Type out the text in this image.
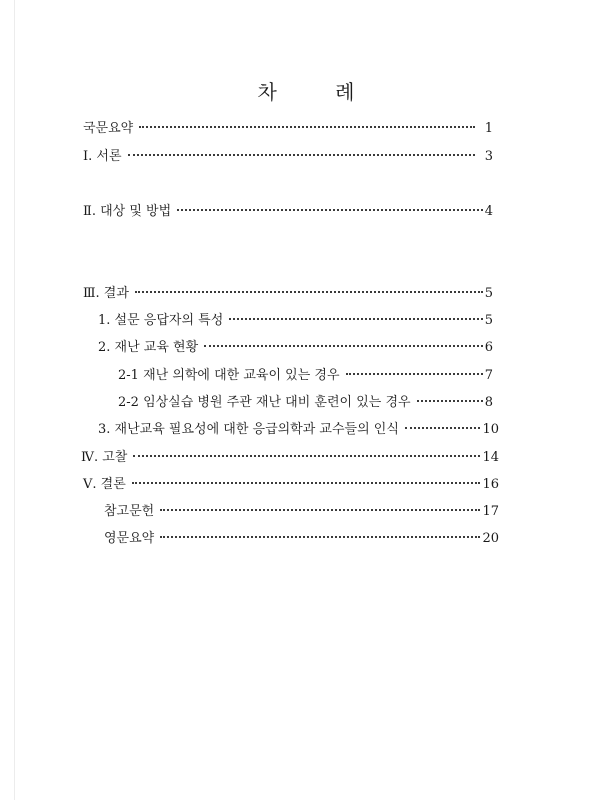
차 례
국문요약	1
Ⅰ. 서론	3
Ⅱ. 대상 및 방법	4
Ⅲ. 결과	5
1. 설문 응답자의 특성	5
2. 재난 교육 현황	6
2-1 재난 의학에 대한 교육이 있는 경우	7
2-2 임상실습 병원 주관 재난 대비 훈련이 있는 경우	8
3. 재난교육 필요성에 대한 응급의학과 교수들의 인식	10
Ⅳ. 고찰	14
Ⅴ. 결론	16
참고문헌	17
영문요약	20
